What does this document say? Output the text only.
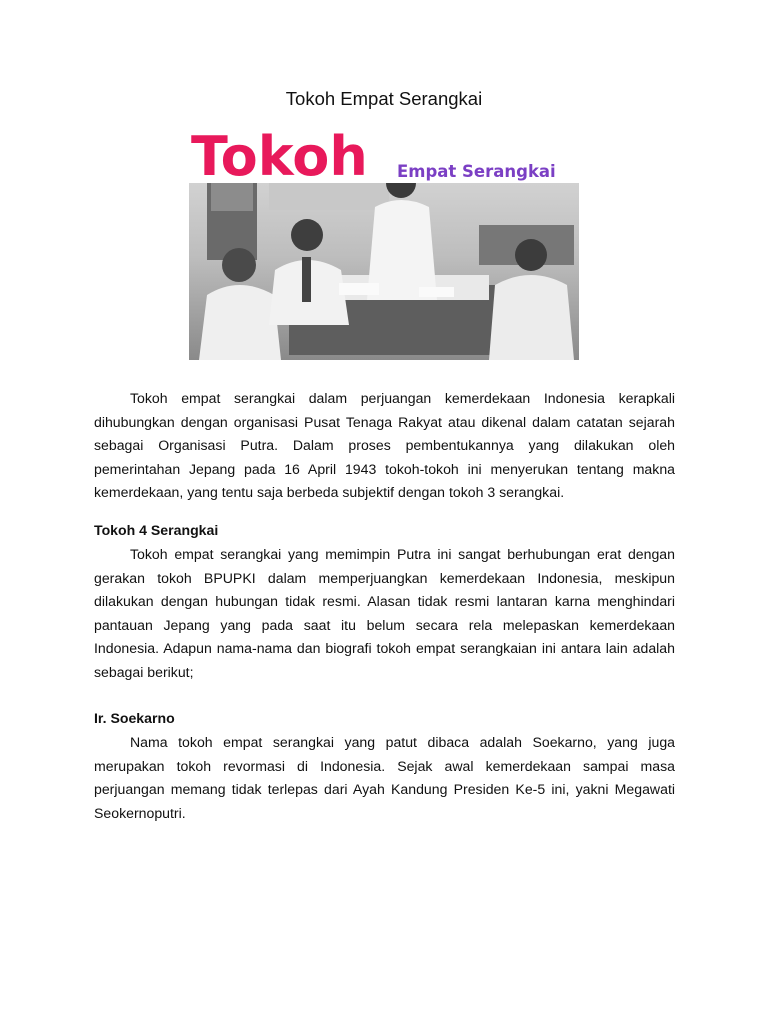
Tokoh Empat Serangkai
Tokoh Empat Serangkai

Tokoh empat serangkai dalam perjuangan kemerdekaan Indonesia kerapkali dihubungkan dengan organisasi Pusat Tenaga Rakyat atau dikenal dalam catatan sejarah sebagai Organisasi Putra. Dalam proses pembentukannya yang dilakukan oleh pemerintahan Jepang pada 16 April 1943 tokoh-tokoh ini menyerukan tentang makna kemerdekaan, yang tentu saja berbeda subjektif dengan tokoh 3 serangkai.

Tokoh 4 Serangkai

Tokoh empat serangkai yang memimpin Putra ini sangat berhubungan erat dengan gerakan tokoh BPUPKI dalam memperjuangkan kemerdekaan Indonesia, meskipun dilakukan dengan hubungan tidak resmi. Alasan tidak resmi lantaran karna menghindari pantauan Jepang yang pada saat itu belum secara rela melepaskan kemerdekaan Indonesia. Adapun nama-nama dan biografi tokoh empat serangkaian ini antara lain adalah sebagai berikut;

Ir. Soekarno

Nama tokoh empat serangkai yang patut dibaca adalah Soekarno, yang juga merupakan tokoh revormasi di Indonesia. Sejak awal kemerdekaan sampai masa perjuangan memang tidak terlepas dari Ayah Kandung Presiden Ke-5 ini, yakni Megawati Seokernoputri.
